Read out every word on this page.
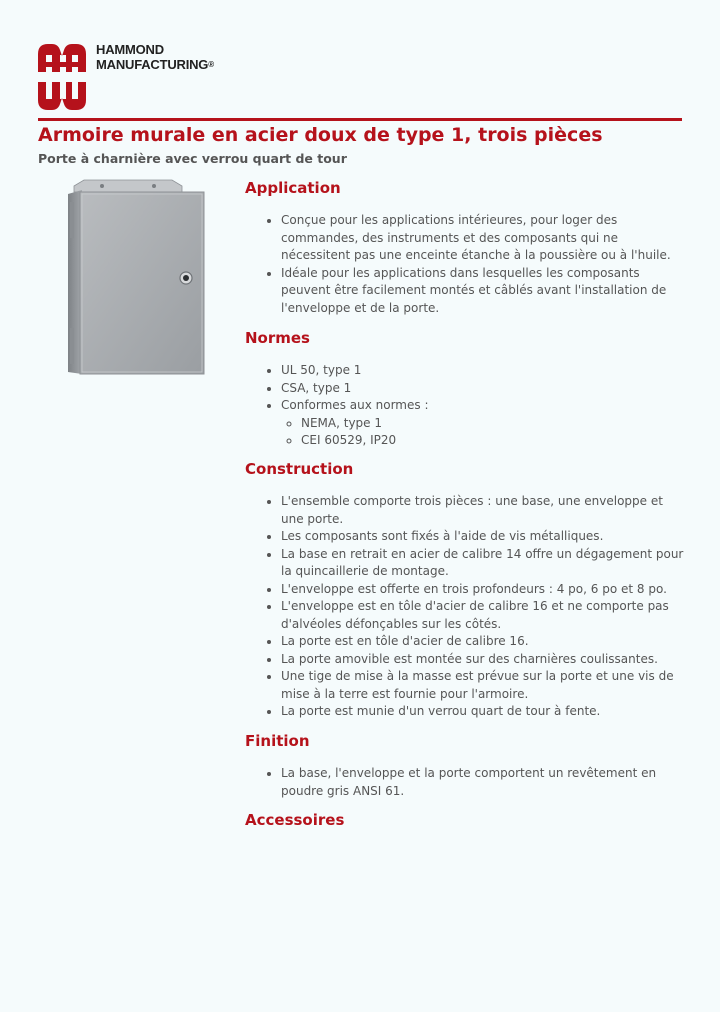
HAMMOND
MANUFACTURING®
Armoire murale en acier doux de type 1, trois pièces

Porte à charnière avec verrou quart de tour

Application
• Conçue pour les applications intérieures, pour loger des commandes, des instruments et des composants qui ne nécessitent pas une enceinte étanche à la poussière ou à l'huile.
• Idéale pour les applications dans lesquelles les composants peuvent être facilement montés et câblés avant l'installation de l'enveloppe et de la porte.
Normes
• UL 50, type 1
• CSA, type 1
• Conformes aux normes :
◦ NEMA, type 1
◦ CEI 60529, IP20
Construction
• L'ensemble comporte trois pièces : une base, une enveloppe et une porte.
• Les composants sont fixés à l'aide de vis métalliques.
• La base en retrait en acier de calibre 14 offre un dégagement pour la quincaillerie de montage.
• L'enveloppe est offerte en trois profondeurs : 4 po, 6 po et 8 po.
• L'enveloppe est en tôle d'acier de calibre 16 et ne comporte pas d'alvéoles défonçables sur les côtés.
• La porte est en tôle d'acier de calibre 16.
• La porte amovible est montée sur des charnières coulissantes.
• Une tige de mise à la masse est prévue sur la porte et une vis de mise à la terre est fournie pour l'armoire.
• La porte est munie d'un verrou quart de tour à fente.
Finition
• La base, l'enveloppe et la porte comportent un revêtement en poudre gris ANSI 61.
Accessoires
